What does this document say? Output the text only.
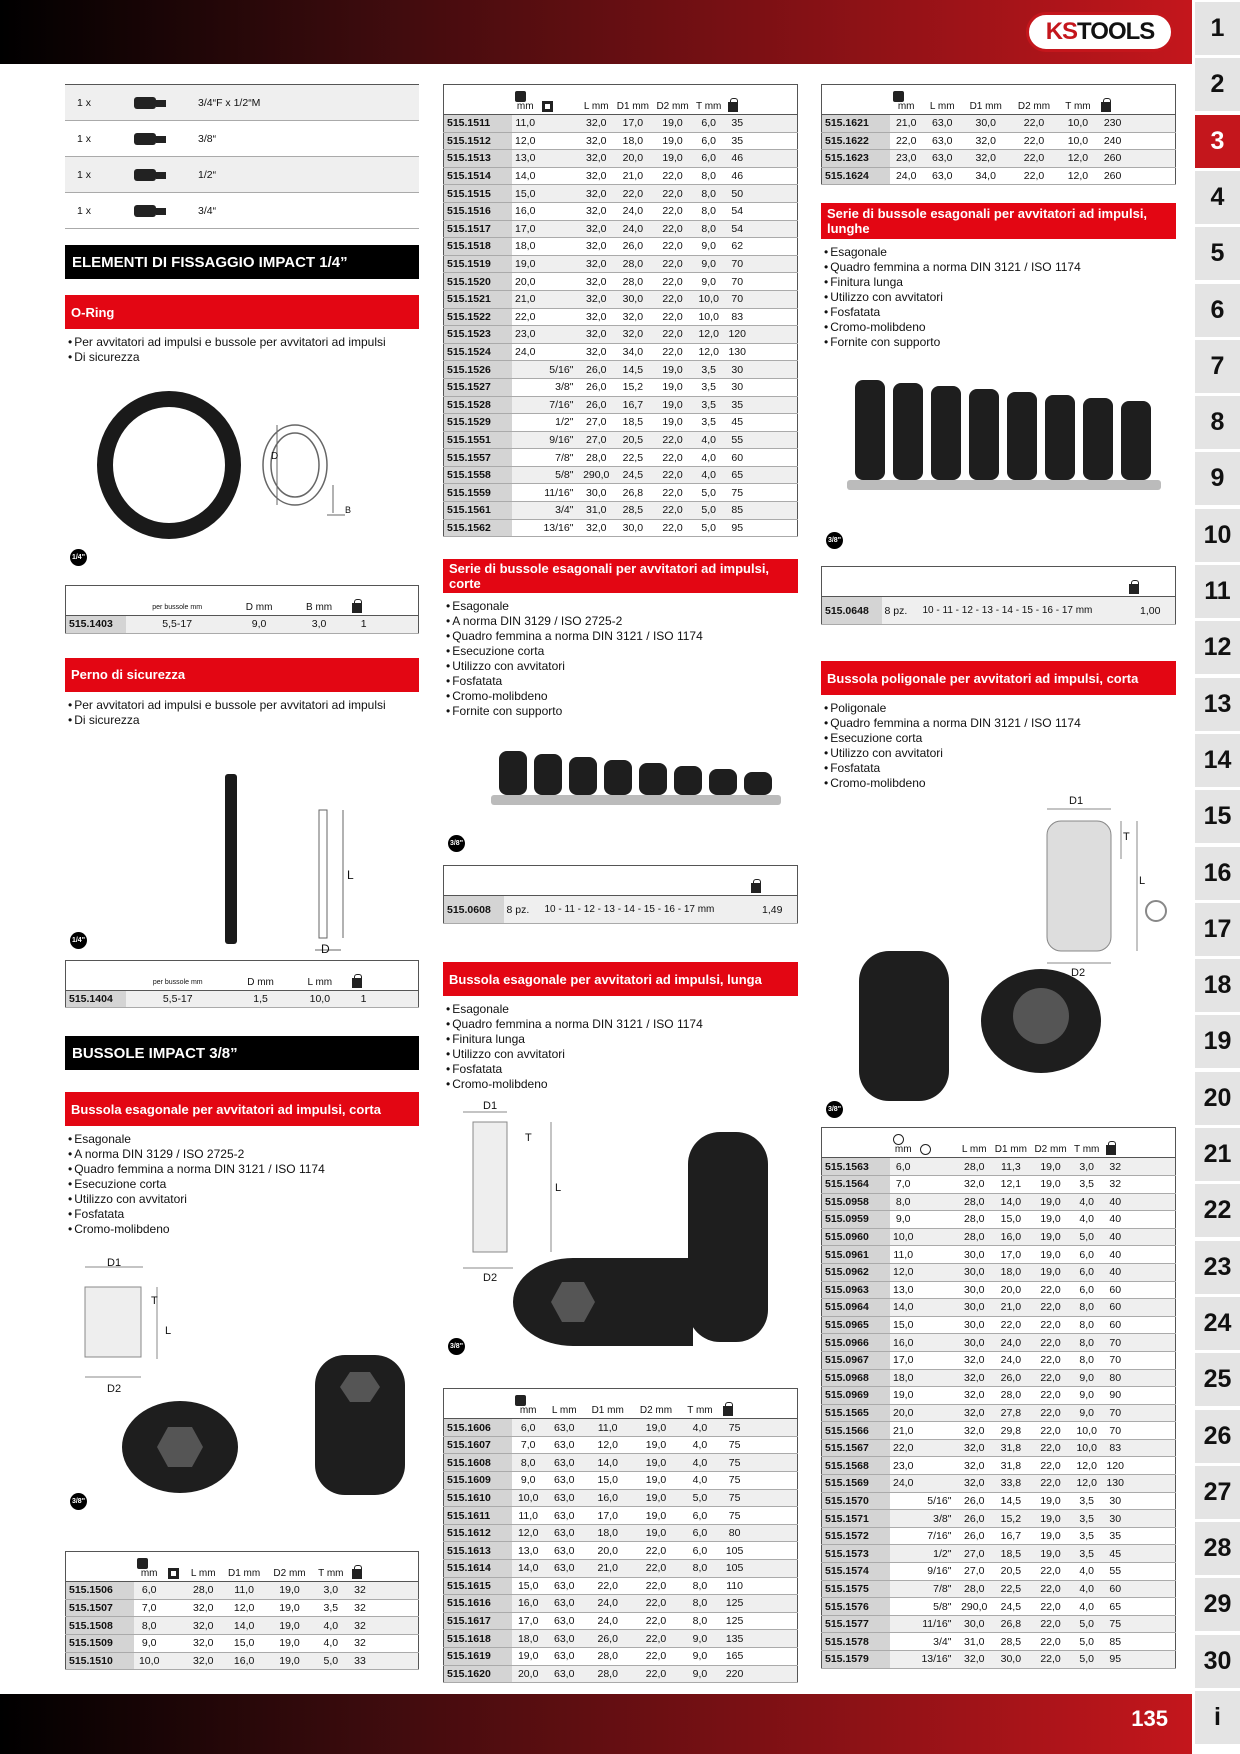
KS TOOLS
135
1
2
3
4
5
6
7
8
9
10
11
12
13
14
15
16
17
18
19
20
21
22
23
24
25
26
27
28
29
30
i
1 x		3/4“F x 1/2“M
1 x		3/8“
1 x		1/2“
1 x		3/4“
ELEMENTI DI FISSAGGIO IMPACT 1/4”
O-Ring
• Per avvitatori ad impulsi e bussole per avvitatori ad impulsi
• Di sicurezza
D
B
1/4"

	per bussole mm	D mm	B mm	

515.1403	5,5-17	9,0	3,0	1	
Perno di sicurezza
• Per avvitatori ad impulsi e bussole per avvitatori ad impulsi
• Di sicurezza
L
D
1/4"

	per bussole mm	D mm	L mm	

515.1404	5,5-17	1,5	10,0	1	
BUSSOLE IMPACT 3/8”
Bussola esagonale per avvitatori ad impulsi, corta
• Esagonale
• A norma DIN 3129 / ISO 2725-2
• Quadro femmina a norma DIN 3121 / ISO 1174
• Esecuzione corta
• Utilizzo con avvitatori
• Fosfatata
• Cromo-molibdeno
D1
T
L
D2
3/8"

	mm		L mm	D1 mm	D2 mm	T mm	

515.1506	6,0		28,0	11,0	19,0	3,0	32	
515.1507	7,0		32,0	12,0	19,0	3,5	32	
515.1508	8,0		32,0	14,0	19,0	4,0	32	
515.1509	9,0		32,0	15,0	19,0	4,0	32	
515.1510	10,0		32,0	16,0	19,0	5,0	33	

	mm		L mm	D1 mm	D2 mm	T mm	

515.1511	11,0		32,0	17,0	19,0	6,0	35	
515.1512	12,0		32,0	18,0	19,0	6,0	35	
515.1513	13,0		32,0	20,0	19,0	6,0	46	
515.1514	14,0		32,0	21,0	22,0	8,0	46	
515.1515	15,0		32,0	22,0	22,0	8,0	50	
515.1516	16,0		32,0	24,0	22,0	8,0	54	
515.1517	17,0		32,0	24,0	22,0	8,0	54	
515.1518	18,0		32,0	26,0	22,0	9,0	62	
515.1519	19,0		32,0	28,0	22,0	9,0	70	
515.1520	20,0		32,0	28,0	22,0	9,0	70	
515.1521	21,0		32,0	30,0	22,0	10,0	70	
515.1522	22,0		32,0	32,0	22,0	10,0	83	
515.1523	23,0		32,0	32,0	22,0	12,0	120	
515.1524	24,0		32,0	34,0	22,0	12,0	130	
515.1526		5/16"	26,0	14,5	19,0	3,5	30	
515.1527		3/8"	26,0	15,2	19,0	3,5	30	
515.1528		7/16"	26,0	16,7	19,0	3,5	35	
515.1529		1/2"	27,0	18,5	19,0	3,5	45	
515.1551		9/16"	27,0	20,5	22,0	4,0	55	
515.1557		7/8"	28,0	22,5	22,0	4,0	60	
515.1558		5/8"	290,0	24,5	22,0	4,0	65	
515.1559		11/16"	30,0	26,8	22,0	5,0	75	
515.1561		3/4"	31,0	28,5	22,0	5,0	85	
515.1562		13/16"	32,0	30,0	22,0	5,0	95	
Serie di bussole esagonali per avvitatori ad impulsi, corte
• Esagonale
• A norma DIN 3129 / ISO 2725-2
• Quadro femmina a norma DIN 3121 / ISO 1174
• Esecuzione corta
• Utilizzo con avvitatori
• Fosfatata
• Cromo-molibdeno
• Fornite con supporto
3/8"

515.0608	8 pz.	10 - 11 - 12 - 13 - 14 - 15 - 16 - 17 mm	1,49
Bussola esagonale per avvitatori ad impulsi, lunga
• Esagonale
• Quadro femmina a norma DIN 3121 / ISO 1174
• Finitura lunga
• Utilizzo con avvitatori
• Fosfatata
• Cromo-molibdeno
D1
T
L
D2
3/8"

	mm	L mm	D1 mm	D2 mm	T mm	

515.1606	6,0	63,0	11,0	19,0	4,0	75	
515.1607	7,0	63,0	12,0	19,0	4,0	75	
515.1608	8,0	63,0	14,0	19,0	4,0	75	
515.1609	9,0	63,0	15,0	19,0	4,0	75	
515.1610	10,0	63,0	16,0	19,0	5,0	75	
515.1611	11,0	63,0	17,0	19,0	6,0	75	
515.1612	12,0	63,0	18,0	19,0	6,0	80	
515.1613	13,0	63,0	20,0	22,0	6,0	105	
515.1614	14,0	63,0	21,0	22,0	8,0	105	
515.1615	15,0	63,0	22,0	22,0	8,0	110	
515.1616	16,0	63,0	24,0	22,0	8,0	125	
515.1617	17,0	63,0	24,0	22,0	8,0	125	
515.1618	18,0	63,0	26,0	22,0	9,0	135	
515.1619	19,0	63,0	28,0	22,0	9,0	165	
515.1620	20,0	63,0	28,0	22,0	9,0	220	

	mm	L mm	D1 mm	D2 mm	T mm	

515.1621	21,0	63,0	30,0	22,0	10,0	230	
515.1622	22,0	63,0	32,0	22,0	10,0	240	
515.1623	23,0	63,0	32,0	22,0	12,0	260	
515.1624	24,0	63,0	34,0	22,0	12,0	260	
Serie di bussole esagonali per avvitatori ad impulsi, lunghe
• Esagonale
• Quadro femmina a norma DIN 3121 / ISO 1174
• Finitura lunga
• Utilizzo con avvitatori
• Fosfatata
• Cromo-molibdeno
• Fornite con supporto
3/8"

515.0648	8 pz.	10 - 11 - 12 - 13 - 14 - 15 - 16 - 17 mm	1,00
Bussola poligonale per avvitatori ad impulsi, corta
• Poligonale
• Quadro femmina a norma DIN 3121 / ISO 1174
• Esecuzione corta
• Utilizzo con avvitatori
• Fosfatata
• Cromo-molibdeno
D1
T
L
D2
3/8"

	mm		L mm	D1 mm	D2 mm	T mm	

515.1563	6,0		28,0	11,3	19,0	3,0	32	
515.1564	7,0		32,0	12,1	19,0	3,5	32	
515.0958	8,0		28,0	14,0	19,0	4,0	40	
515.0959	9,0		28,0	15,0	19,0	4,0	40	
515.0960	10,0		28,0	16,0	19,0	5,0	40	
515.0961	11,0		30,0	17,0	19,0	6,0	40	
515.0962	12,0		30,0	18,0	19,0	6,0	40	
515.0963	13,0		30,0	20,0	22,0	6,0	60	
515.0964	14,0		30,0	21,0	22,0	8,0	60	
515.0965	15,0		30,0	22,0	22,0	8,0	60	
515.0966	16,0		30,0	24,0	22,0	8,0	70	
515.0967	17,0		32,0	24,0	22,0	8,0	70	
515.0968	18,0		32,0	26,0	22,0	9,0	80	
515.0969	19,0		32,0	28,0	22,0	9,0	90	
515.1565	20,0		32,0	27,8	22,0	9,0	70	
515.1566	21,0		32,0	29,8	22,0	10,0	70	
515.1567	22,0		32,0	31,8	22,0	10,0	83	
515.1568	23,0		32,0	31,8	22,0	12,0	120	
515.1569	24,0		32,0	33,8	22,0	12,0	130	
515.1570		5/16"	26,0	14,5	19,0	3,5	30	
515.1571		3/8"	26,0	15,2	19,0	3,5	30	
515.1572		7/16"	26,0	16,7	19,0	3,5	35	
515.1573		1/2"	27,0	18,5	19,0	3,5	45	
515.1574		9/16"	27,0	20,5	22,0	4,0	55	
515.1575		7/8"	28,0	22,5	22,0	4,0	60	
515.1576		5/8"	290,0	24,5	22,0	4,0	65	
515.1577		11/16"	30,0	26,8	22,0	5,0	75	
515.1578		3/4"	31,0	28,5	22,0	5,0	85	
515.1579		13/16"	32,0	30,0	22,0	5,0	95	
